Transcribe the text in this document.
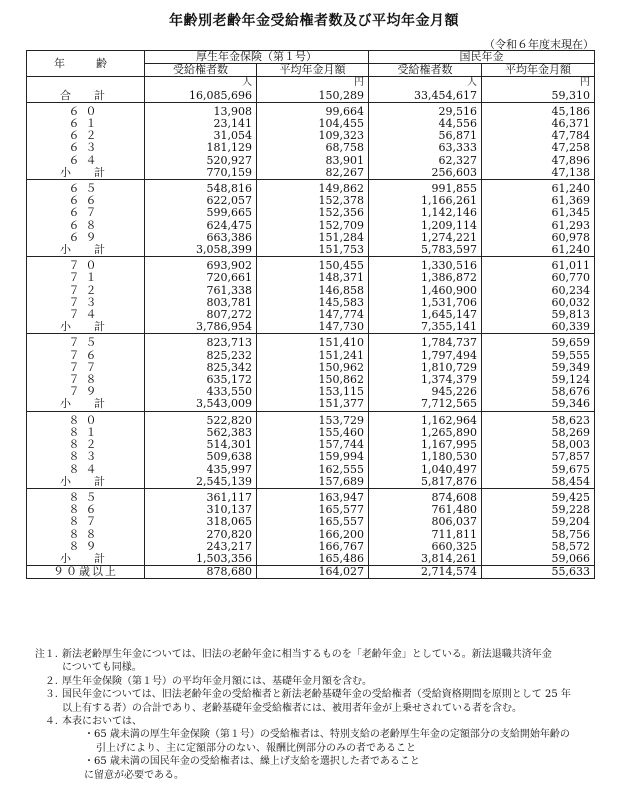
年齢別老齢年金受給権者数及び平均年金月額
（令和６年度末現在）
年　齢	厚生年金保険（第１号）		国民年金	
	受給権者数	平均年金月額	受給権者数	平均年金月額
	人	円	人	円
合　計	16,085,696	150,289	33,454,617	59,310

６０	13,908	99,664	29,516	45,186
６１	23,141	104,455	44,556	46,371
６２	31,054	109,323	56,871	47,784
６３	181,129	68,758	63,333	47,258
６４	520,927	83,901	62,327	47,896
小　計	770,159	82,267	256,603	47,138

６５	548,816	149,862	991,855	61,240
６６	622,057	152,378	1,166,261	61,369
６７	599,665	152,356	1,142,146	61,345
６８	624,475	152,709	1,209,114	61,293
６９	663,386	151,284	1,274,221	60,978
小　計	3,058,399	151,753	5,783,597	61,240

７０	693,902	150,455	1,330,516	61,011
７１	720,661	148,371	1,386,872	60,770
７２	761,338	146,858	1,460,900	60,234
７３	803,781	145,583	1,531,706	60,032
７４	807,272	147,774	1,645,147	59,813
小　計	3,786,954	147,730	7,355,141	60,339

７５	823,713	151,410	1,784,737	59,659
７６	825,232	151,241	1,797,494	59,555
７７	825,342	150,962	1,810,729	59,349
７８	635,172	150,862	1,374,379	59,124
７９	433,550	153,115	945,226	58,676
小　計	3,543,009	151,377	7,712,565	59,346

８０	522,820	153,729	1,162,964	58,623
８１	562,383	155,460	1,265,890	58,269
８２	514,301	157,744	1,167,995	58,003
８３	509,638	159,994	1,180,530	57,857
８４	435,997	162,555	1,040,497	59,675
小　計	2,545,139	157,689	5,817,876	58,454

８５	361,117	163,947	874,608	59,425
８６	310,137	165,577	761,480	59,228
８７	318,065	165,557	806,037	59,204
８８	270,820	166,200	711,811	58,756
８９	243,217	166,767	660,325	58,572
小　計	1,503,356	165,486	3,814,261	59,066
９０歳以上	878,680	164,027	2,714,574	55,633
注１. 新法老齢厚生年金については、旧法の老齢年金に相当するものを「老齢年金」としている。新法退職共済年金
についても同様。
２. 厚生年金保険（第１号）の平均年金月額には、基礎年金月額を含む。
３. 国民年金については、旧法老齢年金の受給権者と新法老齢基礎年金の受給権者（受給資格期間を原則として 25 年
以上有する者）の合計であり、老齢基礎年金受給権者には、被用者年金が上乗せされている者を含む。
４. 本表においては、
・65 歳未満の厚生年金保険（第１号）の受給権者は、特別支給の老齢厚生年金の定額部分の支給開始年齢の
引上げにより、主に定額部分のない、報酬比例部分のみの者であること
・65 歳未満の国民年金の受給権者は、繰上げ支給を選択した者であること
に留意が必要である。
